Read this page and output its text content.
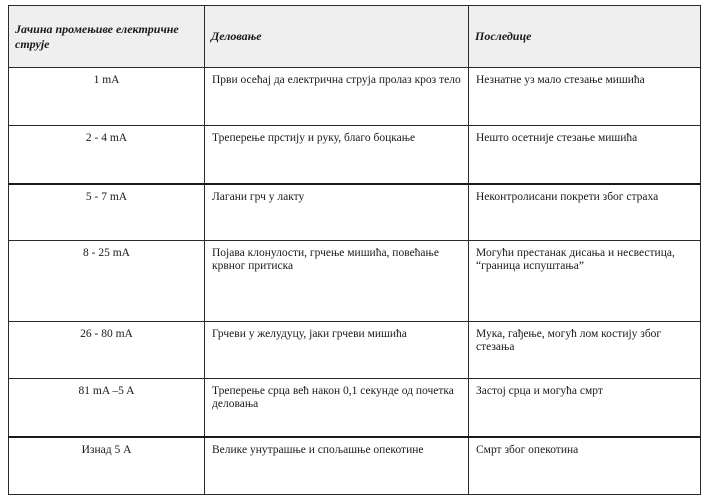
Јачина промењиве електричне струје	Деловање	Последице
1 mA	Први осећај да електрична струја пролаз кроз тело	Незнатне уз мало стезање мишића
2 - 4 mA	Треперење прстију и руку, благо боцкање	Нешто осетније стезање мишића
5 - 7 mA	Лагани грч у лакту	Неконтролисани покрети због страха
8 - 25 mA	Појава клонулости, грчење мишића, повећање крвног притиска	Могући престанак дисања и несвестица, “граница испуштања”
26 - 80 mA	Грчеви у желудуцу, јаки грчеви мишића	Мука, гађење, могућ лом костију због стезања
81 mA –5 A	Треперење срца већ након 0,1 секунде од почетка деловања	Застој срца и могућа смрт
Изнад 5 A	Велике унутрашње и спољашње опекотине	Смрт због опекотина
